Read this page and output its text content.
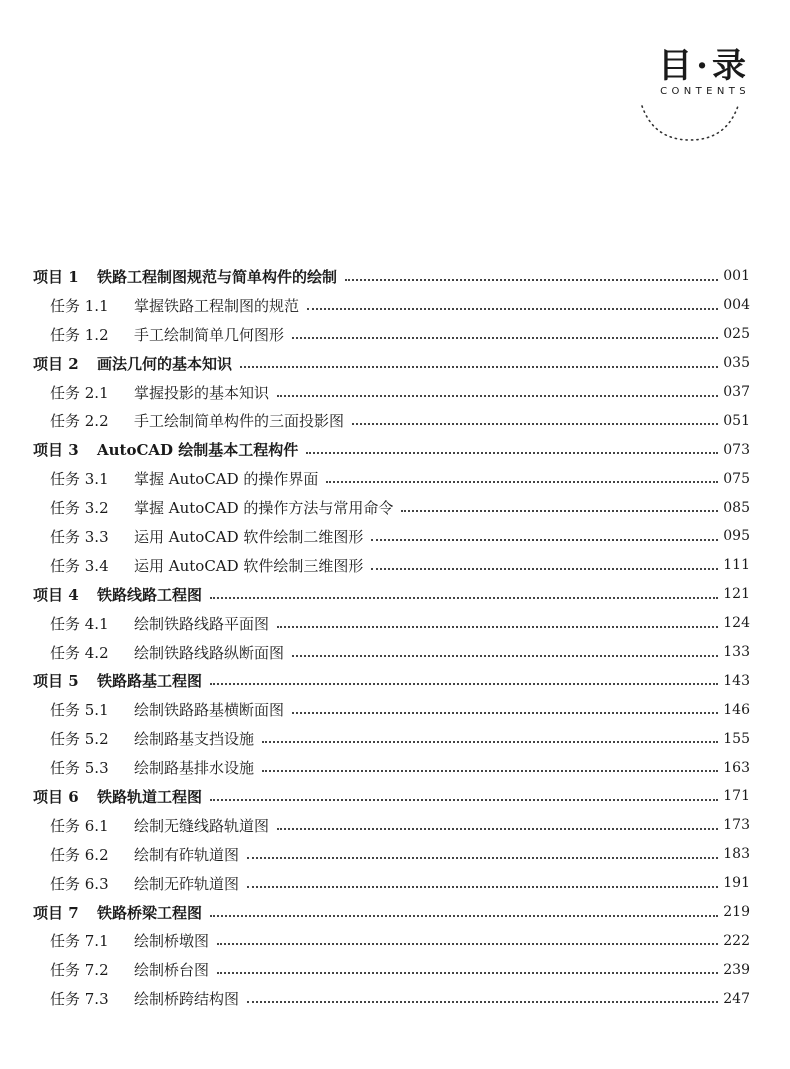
目·录
CONTENTS
项目 1 铁路工程制图规范与简单构件的绘制	001
任务 1.1 掌握铁路工程制图的规范	004
任务 1.2 手工绘制简单几何图形	025
项目 2 画法几何的基本知识	035
任务 2.1 掌握投影的基本知识	037
任务 2.2 手工绘制简单构件的三面投影图	051
项目 3 AutoCAD 绘制基本工程构件	073
任务 3.1 掌握 AutoCAD 的操作界面	075
任务 3.2 掌握 AutoCAD 的操作方法与常用命令	085
任务 3.3 运用 AutoCAD 软件绘制二维图形	095
任务 3.4 运用 AutoCAD 软件绘制三维图形	111
项目 4 铁路线路工程图	121
任务 4.1 绘制铁路线路平面图	124
任务 4.2 绘制铁路线路纵断面图	133
项目 5 铁路路基工程图	143
任务 5.1 绘制铁路路基横断面图	146
任务 5.2 绘制路基支挡设施	155
任务 5.3 绘制路基排水设施	163
项目 6 铁路轨道工程图	171
任务 6.1 绘制无缝线路轨道图	173
任务 6.2 绘制有砟轨道图	183
任务 6.3 绘制无砟轨道图	191
项目 7 铁路桥梁工程图	219
任务 7.1 绘制桥墩图	222
任务 7.2 绘制桥台图	239
任务 7.3 绘制桥跨结构图	247
